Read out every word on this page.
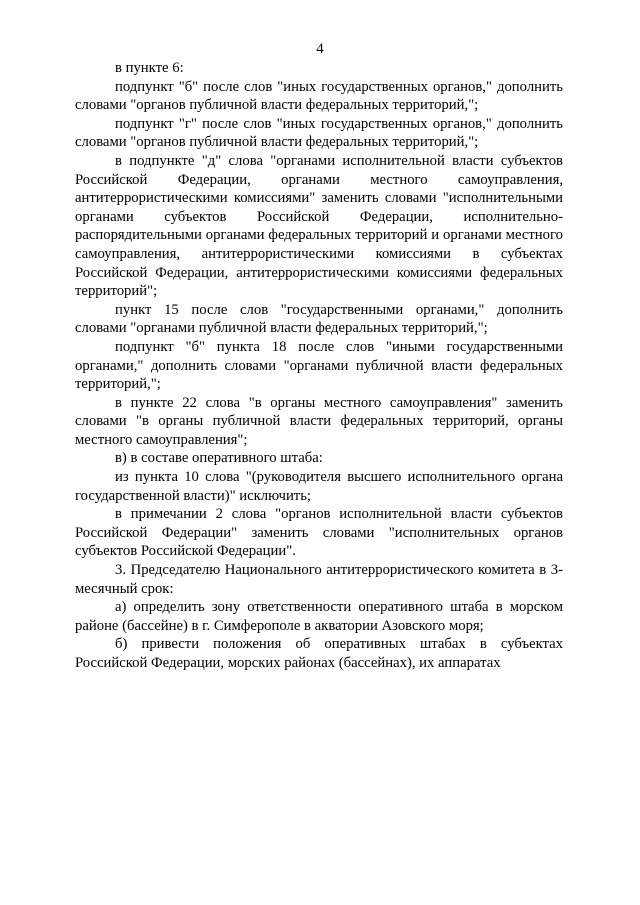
4

в пункте 6:

подпункт "б" после слов "иных государственных органов," дополнить словами "органов публичной власти федеральных территорий,";

подпункт "г" после слов "иных государственных органов," дополнить словами "органов публичной власти федеральных территорий,";

в подпункте "д" слова "органами исполнительной власти субъектов Российской Федерации, органами местного самоуправления, антитеррористическими комиссиями" заменить словами "исполнительными органами субъектов Российской Федерации, исполнительно-распорядительными органами федеральных территорий и органами местного самоуправления, антитеррористическими комиссиями в субъектах Российской Федерации, антитеррористическими комиссиями федеральных территорий";

пункт 15 после слов "государственными органами," дополнить словами "органами публичной власти федеральных территорий,";

подпункт "б" пункта 18 после слов "иными государственными органами," дополнить словами "органами публичной власти федеральных территорий,";

в пункте 22 слова "в органы местного самоуправления" заменить словами "в органы публичной власти федеральных территорий, органы местного самоуправления";

в) в составе оперативного штаба:

из пункта 10 слова "(руководителя высшего исполнительного органа государственной власти)" исключить;

в примечании 2 слова "органов исполнительной власти субъектов Российской Федерации" заменить словами "исполнительных органов субъектов Российской Федерации".

3. Председателю Национального антитеррористического комитета в 3-месячный срок:

а) определить зону ответственности оперативного штаба в морском районе (бассейне) в г. Симферополе в акватории Азовского моря;

б) привести положения об оперативных штабах в субъектах Российской Федерации, морских районах (бассейнах), их аппаратах
